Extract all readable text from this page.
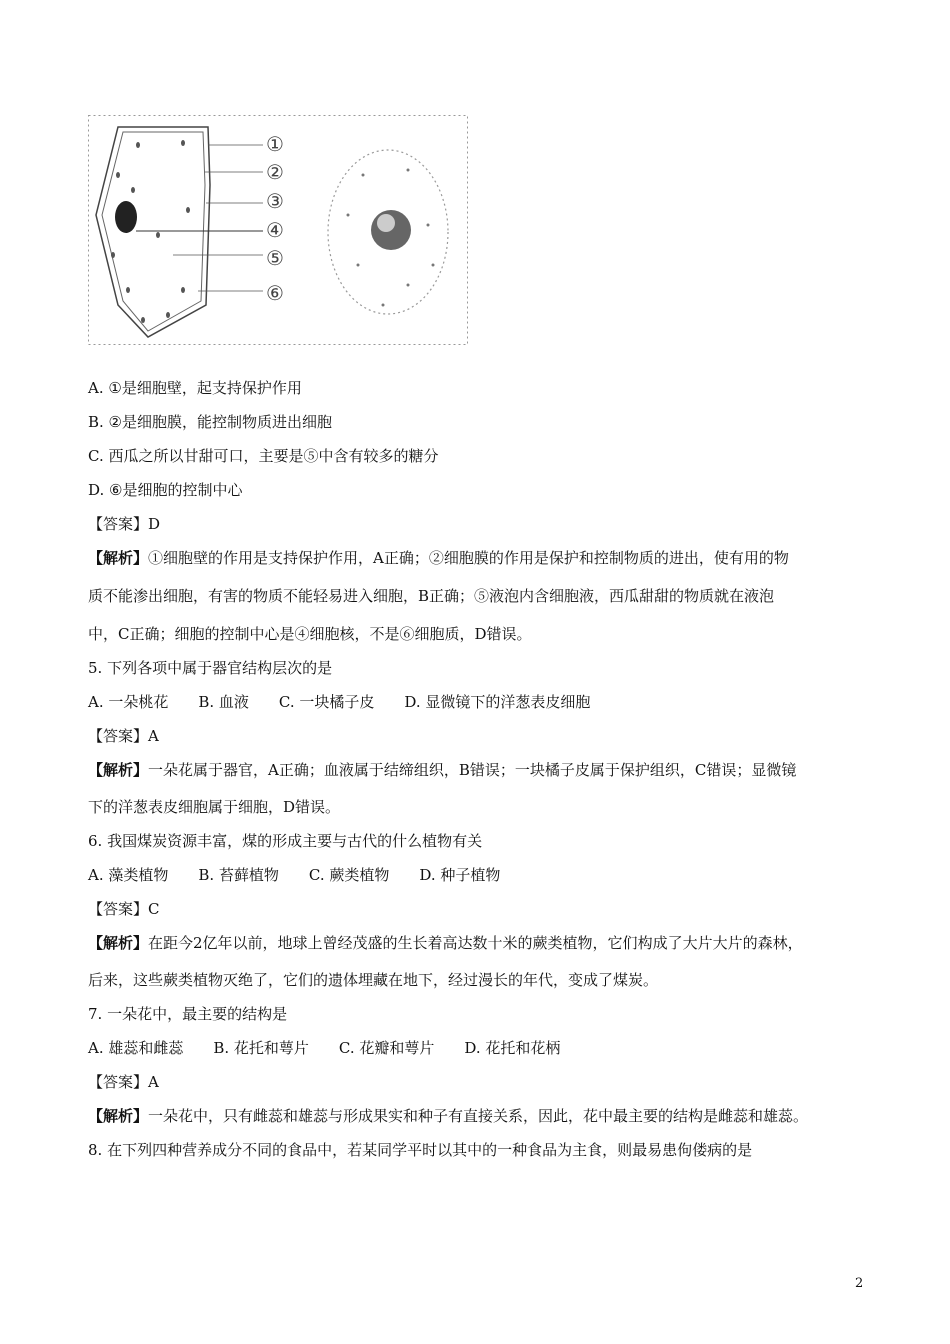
①
②
③
④
⑤
⑥
A. ①是细胞壁，起支持保护作用
B. ②是细胞膜，能控制物质进出细胞
C. 西瓜之所以甘甜可口，主要是⑤中含有较多的糖分
D. ⑥是细胞的控制中心
【答案】D
【解析】①细胞壁的作用是支持保护作用，A正确；②细胞膜的作用是保护和控制物质的进出，使有用的物
质不能渗出细胞，有害的物质不能轻易进入细胞，B正确；⑤液泡内含细胞液，西瓜甜甜的物质就在液泡
中，C正确；细胞的控制中心是④细胞核，不是⑥细胞质，D错误。
5. 下列各项中属于器官结构层次的是
A. 一朵桃花　　B. 血液　　C. 一块橘子皮　　D. 显微镜下的洋葱表皮细胞
【答案】A
【解析】一朵花属于器官，A正确；血液属于结缔组织，B错误；一块橘子皮属于保护组织，C错误；显微镜
下的洋葱表皮细胞属于细胞，D错误。
6. 我国煤炭资源丰富，煤的形成主要与古代的什么植物有关
A. 藻类植物　　B. 苔藓植物　　C. 蕨类植物　　D. 种子植物
【答案】C
【解析】在距今2亿年以前，地球上曾经茂盛的生长着高达数十米的蕨类植物，它们构成了大片大片的森林，
后来，这些蕨类植物灭绝了，它们的遗体埋藏在地下，经过漫长的年代，变成了煤炭。
7. 一朵花中，最主要的结构是
A. 雄蕊和雌蕊　　B. 花托和萼片　　C. 花瓣和萼片　　D. 花托和花柄
【答案】A
【解析】一朵花中，只有雌蕊和雄蕊与形成果实和种子有直接关系，因此，花中最主要的结构是雌蕊和雄蕊。
8. 在下列四种营养成分不同的食品中，若某同学平时以其中的一种食品为主食，则最易患佝偻病的是
2
